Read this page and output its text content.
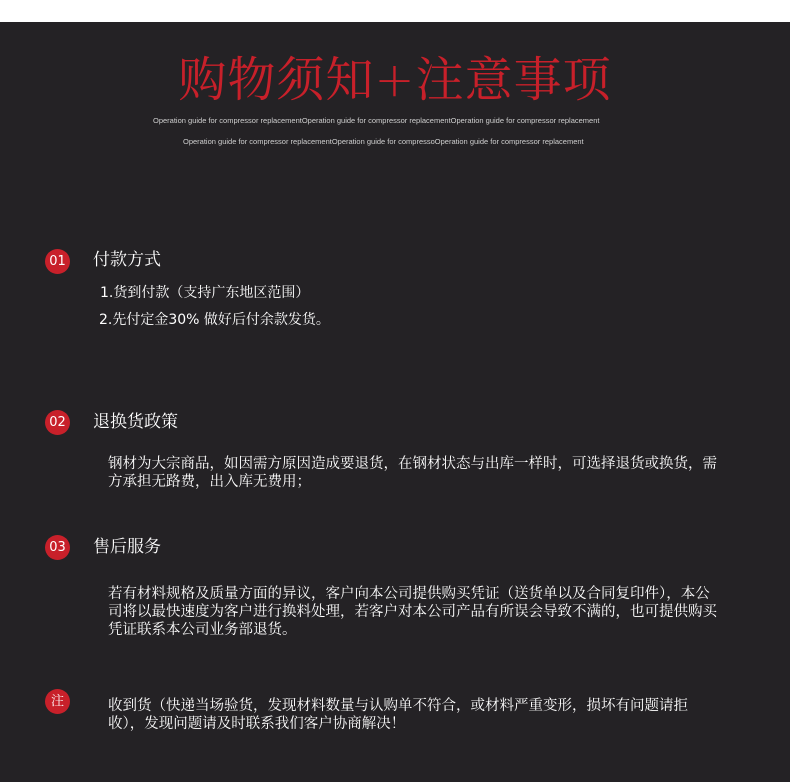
购物须知+注意事项
Operation guide for compressor replacementOperation guide for compressor replacementOperation guide for compressor replacement
Operation guide for compressor replacementOperation guide for compressoOperation guide for compressor replacement
01 付款方式
1.货到付款（支持广东地区范围）
2.先付定金30% 做好后付余款发货。
02 退换货政策
钢材为大宗商品，如因需方原因造成要退货，在钢材状态与出库一样时，可选择退货或换货，需方承担无路费，出入库无费用；
03 售后服务
若有材料规格及质量方面的异议，客户向本公司提供购买凭证（送货单以及合同复印件），本公司将以最快速度为客户进行换料处理，若客户对本公司产品有所误会导致不满的，也可提供购买凭证联系本公司业务部退货。
注	收到货（快递当场验货，发现材料数量与认购单不符合，或材料严重变形，损坏有问题请拒收），发现问题请及时联系我们客户协商解决！
